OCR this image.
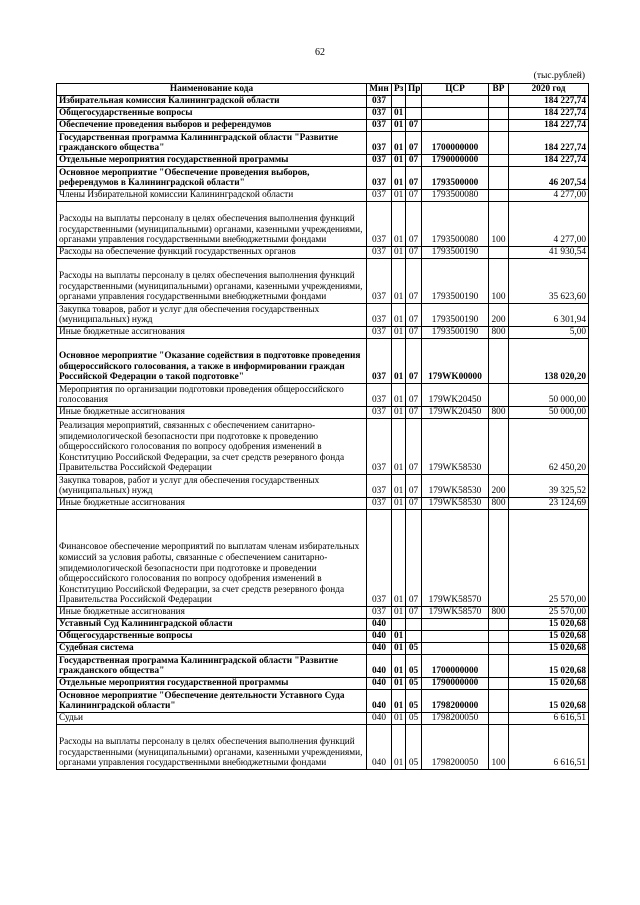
62
(тыс.рублей)
Наименование кода	Мин	Рз	Пр	ЦСР	ВР	2020 год
Избирательная комиссия Калининградской области	037					184 227,74
Общегосударственные вопросы	037	01				184 227,74
Обеспечение проведения выборов и референдумов	037	01	07			184 227,74
Государственная программа Калининградской области "Развитие гражданского общества"	037	01	07	1700000000		184 227,74
Отдельные мероприятия государственной программы	037	01	07	1790000000		184 227,74
Основное мероприятие "Обеспечение проведения выборов, референдумов в Калининградской области"	037	01	07	1793500000		46 207,54
Члены Избирательной комиссии Калининградской области	037	01	07	1793500080		4 277,00
Расходы на выплаты персоналу в целях обеспечения выполнения функций государственными (муниципальными) органами, казенными учреждениями, органами управления государственными внебюджетными фондами	037	01	07	1793500080	100	4 277,00
Расходы на обеспечение функций государственных органов	037	01	07	1793500190		41 930,54
Расходы на выплаты персоналу в целях обеспечения выполнения функций государственными (муниципальными) органами, казенными учреждениями, органами управления государственными внебюджетными фондами	037	01	07	1793500190	100	35 623,60
Закупка товаров, работ и услуг для обеспечения государственных (муниципальных) нужд	037	01	07	1793500190	200	6 301,94
Иные бюджетные ассигнования	037	01	07	1793500190	800	5,00
Основное мероприятие "Оказание содействия в подготовке проведения общероссийского голосования, а также в информировании граждан Российской Федерации о такой подготовке"	037	01	07	179WK00000		138 020,20
Мероприятия по организации подготовки проведения общероссийского голосования	037	01	07	179WK20450		50 000,00
Иные бюджетные ассигнования	037	01	07	179WK20450	800	50 000,00
Реализация мероприятий, связанных с обеспечением санитарно-эпидемиологической безопасности при подготовке к проведению общероссийского голосования по вопросу одобрения изменений в Конституцию Российской Федерации, за счет средств резервного фонда Правительства Российской Федерации	037	01	07	179WK58530		62 450,20
Закупка товаров, работ и услуг для обеспечения государственных (муниципальных) нужд	037	01	07	179WK58530	200	39 325,52
Иные бюджетные ассигнования	037	01	07	179WK58530	800	23 124,69
Финансовое обеспечение мероприятий по выплатам членам избирательных комиссий за условия работы, связанные с обеспечением санитарно-эпидемиологической безопасности при подготовке и проведении общероссийского голосования по вопросу одобрения изменений в Конституцию Российской Федерации, за счет средств резервного фонда Правительства Российской Федерации	037	01	07	179WK58570		25 570,00
Иные бюджетные ассигнования	037	01	07	179WK58570	800	25 570,00
Уставный Суд Калининградской области	040					15 020,68
Общегосударственные вопросы	040	01				15 020,68
Судебная система	040	01	05			15 020,68
Государственная программа Калининградской области "Развитие гражданского общества"	040	01	05	1700000000		15 020,68
Отдельные мероприятия государственной программы	040	01	05	1790000000		15 020,68
Основное мероприятие "Обеспечение деятельности Уставного Суда Калининградской области"	040	01	05	1798200000		15 020,68
Судьи	040	01	05	1798200050		6 616,51
Расходы на выплаты персоналу в целях обеспечения выполнения функций государственными (муниципальными) органами, казенными учреждениями, органами управления государственными внебюджетными фондами	040	01	05	1798200050	100	6 616,51
